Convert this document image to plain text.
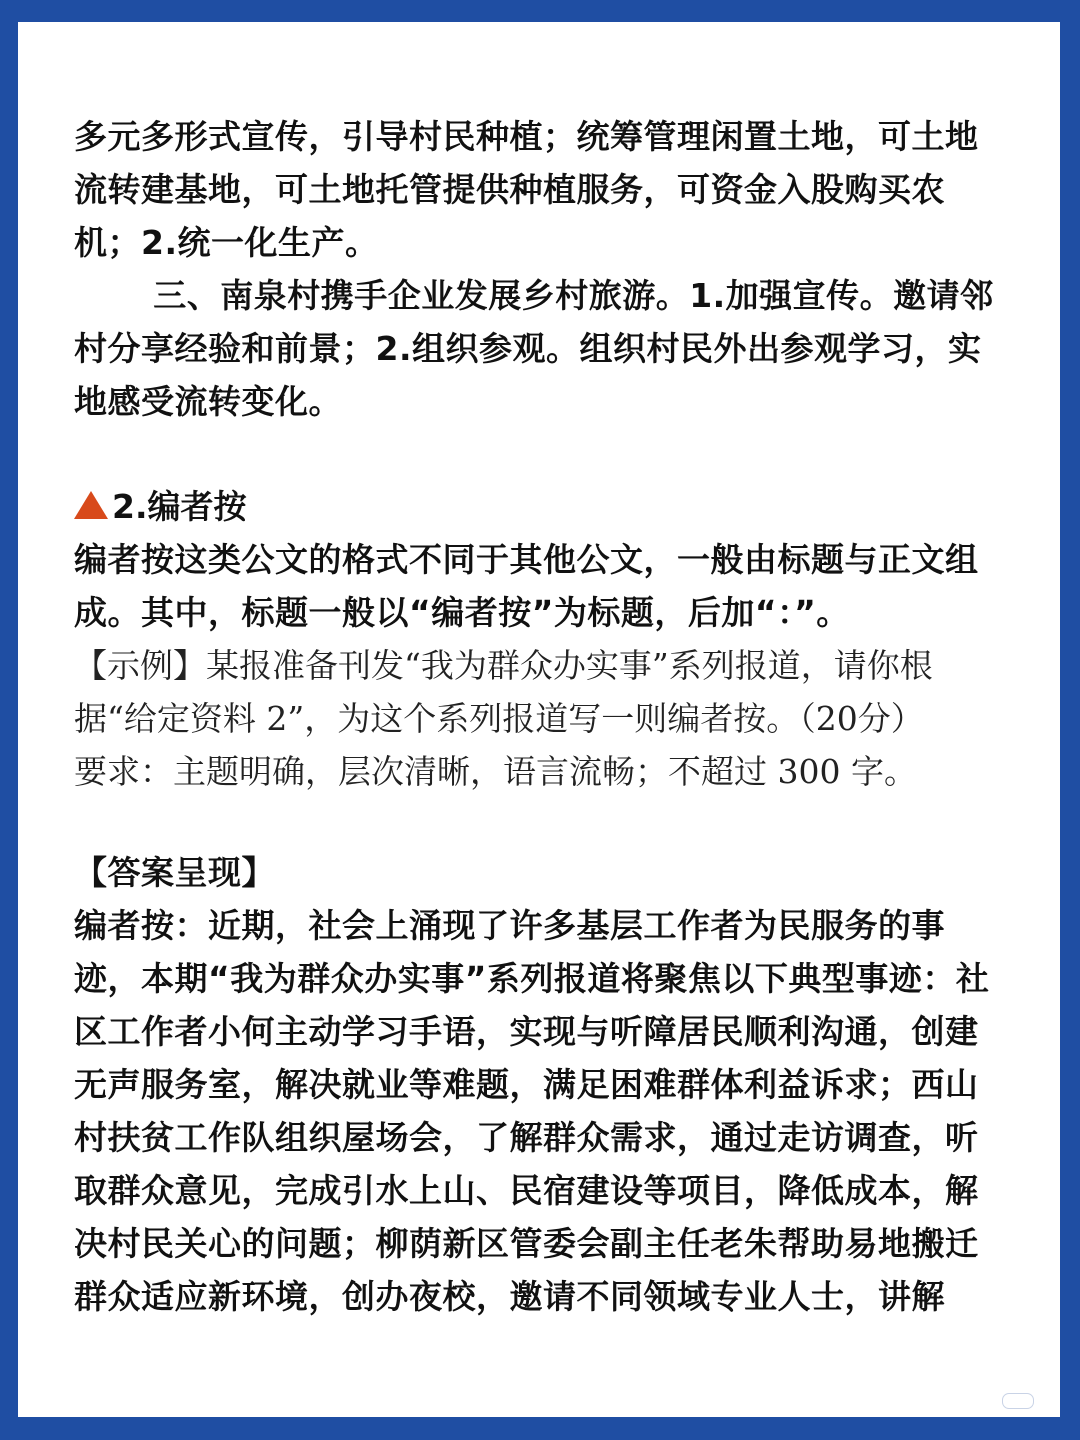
多元多形式宣传，引导村民种植；统筹管理闲置土地，可土地流转建基地，可土地托管提供种植服务，可资金入股购买农机；2.统一化生产。

三、南泉村携手企业发展乡村旅游。1.加强宣传。邀请邻村分享经验和前景；2.组织参观。组织村民外出参观学习，实地感受流转变化。

2.编者按

编者按这类公文的格式不同于其他公文，一般由标题与正文组成。其中，标题一般以“编者按”为标题，后加“：”。

【示例】某报准备刊发“我为群众办实事”系列报道，请你根据“给定资料 2”，为这个系列报道写一则编者按。（20分）

要求：主题明确，层次清晰，语言流畅；不超过 300 字。

【答案呈现】

编者按：近期，社会上涌现了许多基层工作者为民服务的事迹，本期“我为群众办实事”系列报道将聚焦以下典型事迹：社区工作者小何主动学习手语，实现与听障居民顺利沟通，创建无声服务室，解决就业等难题，满足困难群体利益诉求；西山村扶贫工作队组织屋场会，了解群众需求，通过走访调查，听取群众意见，完成引水上山、民宿建设等项目，降低成本，解决村民关心的问题；柳荫新区管委会副主任老朱帮助易地搬迁群众适应新环境，创办夜校，邀请不同领域专业人士，讲解
